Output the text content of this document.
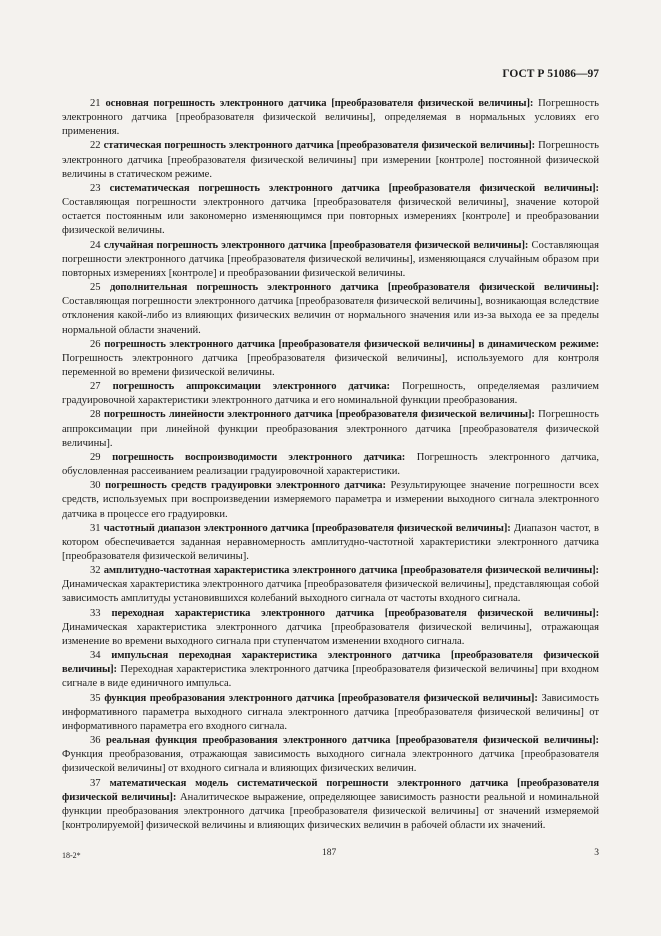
ГОСТ Р 51086—97

21 основная погрешность электронного датчика [преобразователя физической величины]: Погрешность электронного датчика [преобразователя физической величины], определяемая в нормальных условиях его применения.

22 статическая погрешность электронного датчика [преобразователя физической величины]: Погрешность электронного датчика [преобразователя физической величины] при измерении [контроле] постоянной физической величины в статическом режиме.

23 систематическая погрешность электронного датчика [преобразователя физической величины]: Составляющая погрешности электронного датчика [преобразователя физической величины], значение которой остается постоянным или закономерно изменяющимся при повторных измерениях [контроле] и преобразовании физической величины.

24 случайная погрешность электронного датчика [преобразователя физической величины]: Составляющая погрешности электронного датчика [преобразователя физической величины], изменяющаяся случайным образом при повторных измерениях [контроле] и преобразовании физической величины.

25 дополнительная погрешность электронного датчика [преобразователя физической величины]: Составляющая погрешности электронного датчика [преобразователя физической величины], возникающая вследствие отклонения какой-либо из влияющих физических величин от нормального значения или из-за выхода ее за пределы нормальной области значений.

26 погрешность электронного датчика [преобразователя физической величины] в динамическом режиме: Погрешность электронного датчика [преобразователя физической величины], используемого для контроля переменной во времени физической величины.

27 погрешность аппроксимации электронного датчика: Погрешность, определяемая различием градуировочной характеристики электронного датчика и его номинальной функции преобразования.

28 погрешность линейности электронного датчика [преобразователя физической величины]: Погрешность аппроксимации при линейной функции преобразования электронного датчика [преобразователя физической величины].

29 погрешность воспроизводимости электронного датчика: Погрешность электронного датчика, обусловленная рассеиванием реализации градуировочной характеристики.

30 погрешность средств градуировки электронного датчика: Результирующее значение погрешности всех средств, используемых при воспроизведении измеряемого параметра и измерении выходного сигнала электронного датчика в процессе его градуировки.

31 частотный диапазон электронного датчика [преобразователя физической величины]: Диапазон частот, в котором обеспечивается заданная неравномерность амплитудно-частотной характеристики электронного датчика [преобразователя физической величины].

32 амплитудно-частотная характеристика электронного датчика [преобразователя физической величины]: Динамическая характеристика электронного датчика [преобразователя физической величины], представляющая собой зависимость амплитуды установившихся колебаний выходного сигнала от частоты входного сигнала.

33 переходная характеристика электронного датчика [преобразователя физической величины]: Динамическая характеристика электронного датчика [преобразователя физической величины], отражающая изменение во времени выходного сигнала при ступенчатом изменении входного сигнала.

34 импульсная переходная характеристика электронного датчика [преобразователя физической величины]: Переходная характеристика электронного датчика [преобразователя физической величины] при входном сигнале в виде единичного импульса.

35 функция преобразования электронного датчика [преобразователя физической величины]: Зависимость информативного параметра выходного сигнала электронного датчика [преобразователя физической величины] от информативного параметра его входного сигнала.

36 реальная функция преобразования электронного датчика [преобразователя физической величины]: Функция преобразования, отражающая зависимость выходного сигнала электронного датчика [преобразователя физической величины] от входного сигнала и влияющих физических величин.

37 математическая модель систематической погрешности электронного датчика [преобразователя физической величины]: Аналитическое выражение, определяющее зависимость разности реальной и номинальной функции преобразования электронного датчика [преобразователя физической величины] от значений измеряемой [контролируемой] физической величины и влияющих физических величин в рабочей области их значений.

18-2*	187	3
